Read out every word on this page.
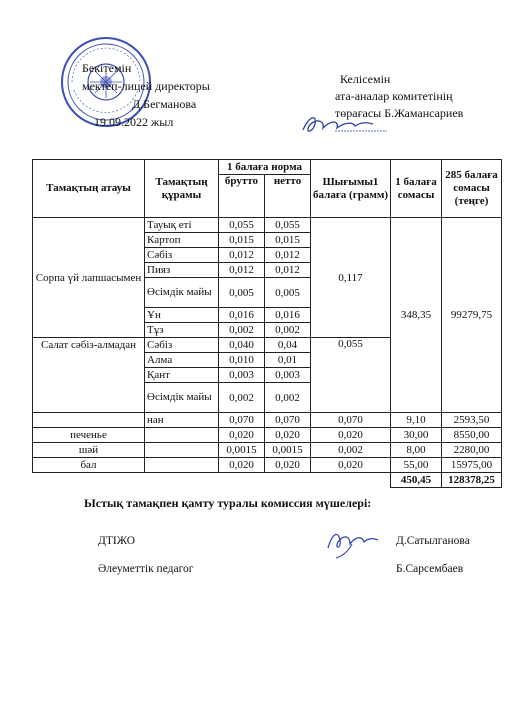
Бекітемін
мектеп-лицей директоры
Д.Бегманова
19.09.2022 жыл
Келісемін
ата-аналар комитетінің
төрағасы Б.Жамансариев
Тамақтың атауы	Тамақтың құрамы	1 балаға норма		Шығымы1 балаға (грамм)	1 балаға сомасы	285 балаға сомасы (теңге)
		брутто	нетто			
Сорпа үй лапшасымен	Тауық еті	0,055	0,055	0,117	348,35	99279,75
	Картоп	0,015	0,015			
	Сәбіз	0,012	0,012			
	Пияз	0,012	0,012			
	Өсімдік майы	0,005	0,005			
	Ұн	0,016	0,016			
	Тұз	0,002	0,002			
Салат сәбіз-алмадан	Сәбіз	0,040	0,04	0,055		
	Алма	0,010	0,01			
	Қант	0,003	0,003			
	Өсімдік майы	0,002	0,002			
	нан	0,070	0,070	0,070	9,10	2593,50
печенье		0,020	0,020	0,020	30,00	8550,00
шәй		0,0015	0,0015	0,002	8,00	2280,00
бал		0,020	0,020	0,020	55,00	15975,00
					450,45	128378,25
Ыстық тамақпен қамту туралы комиссия мүшелері:
ДТІЖО
Әлеуметтік педагог
Д.Сатылганова
Б.Сарсембаев
